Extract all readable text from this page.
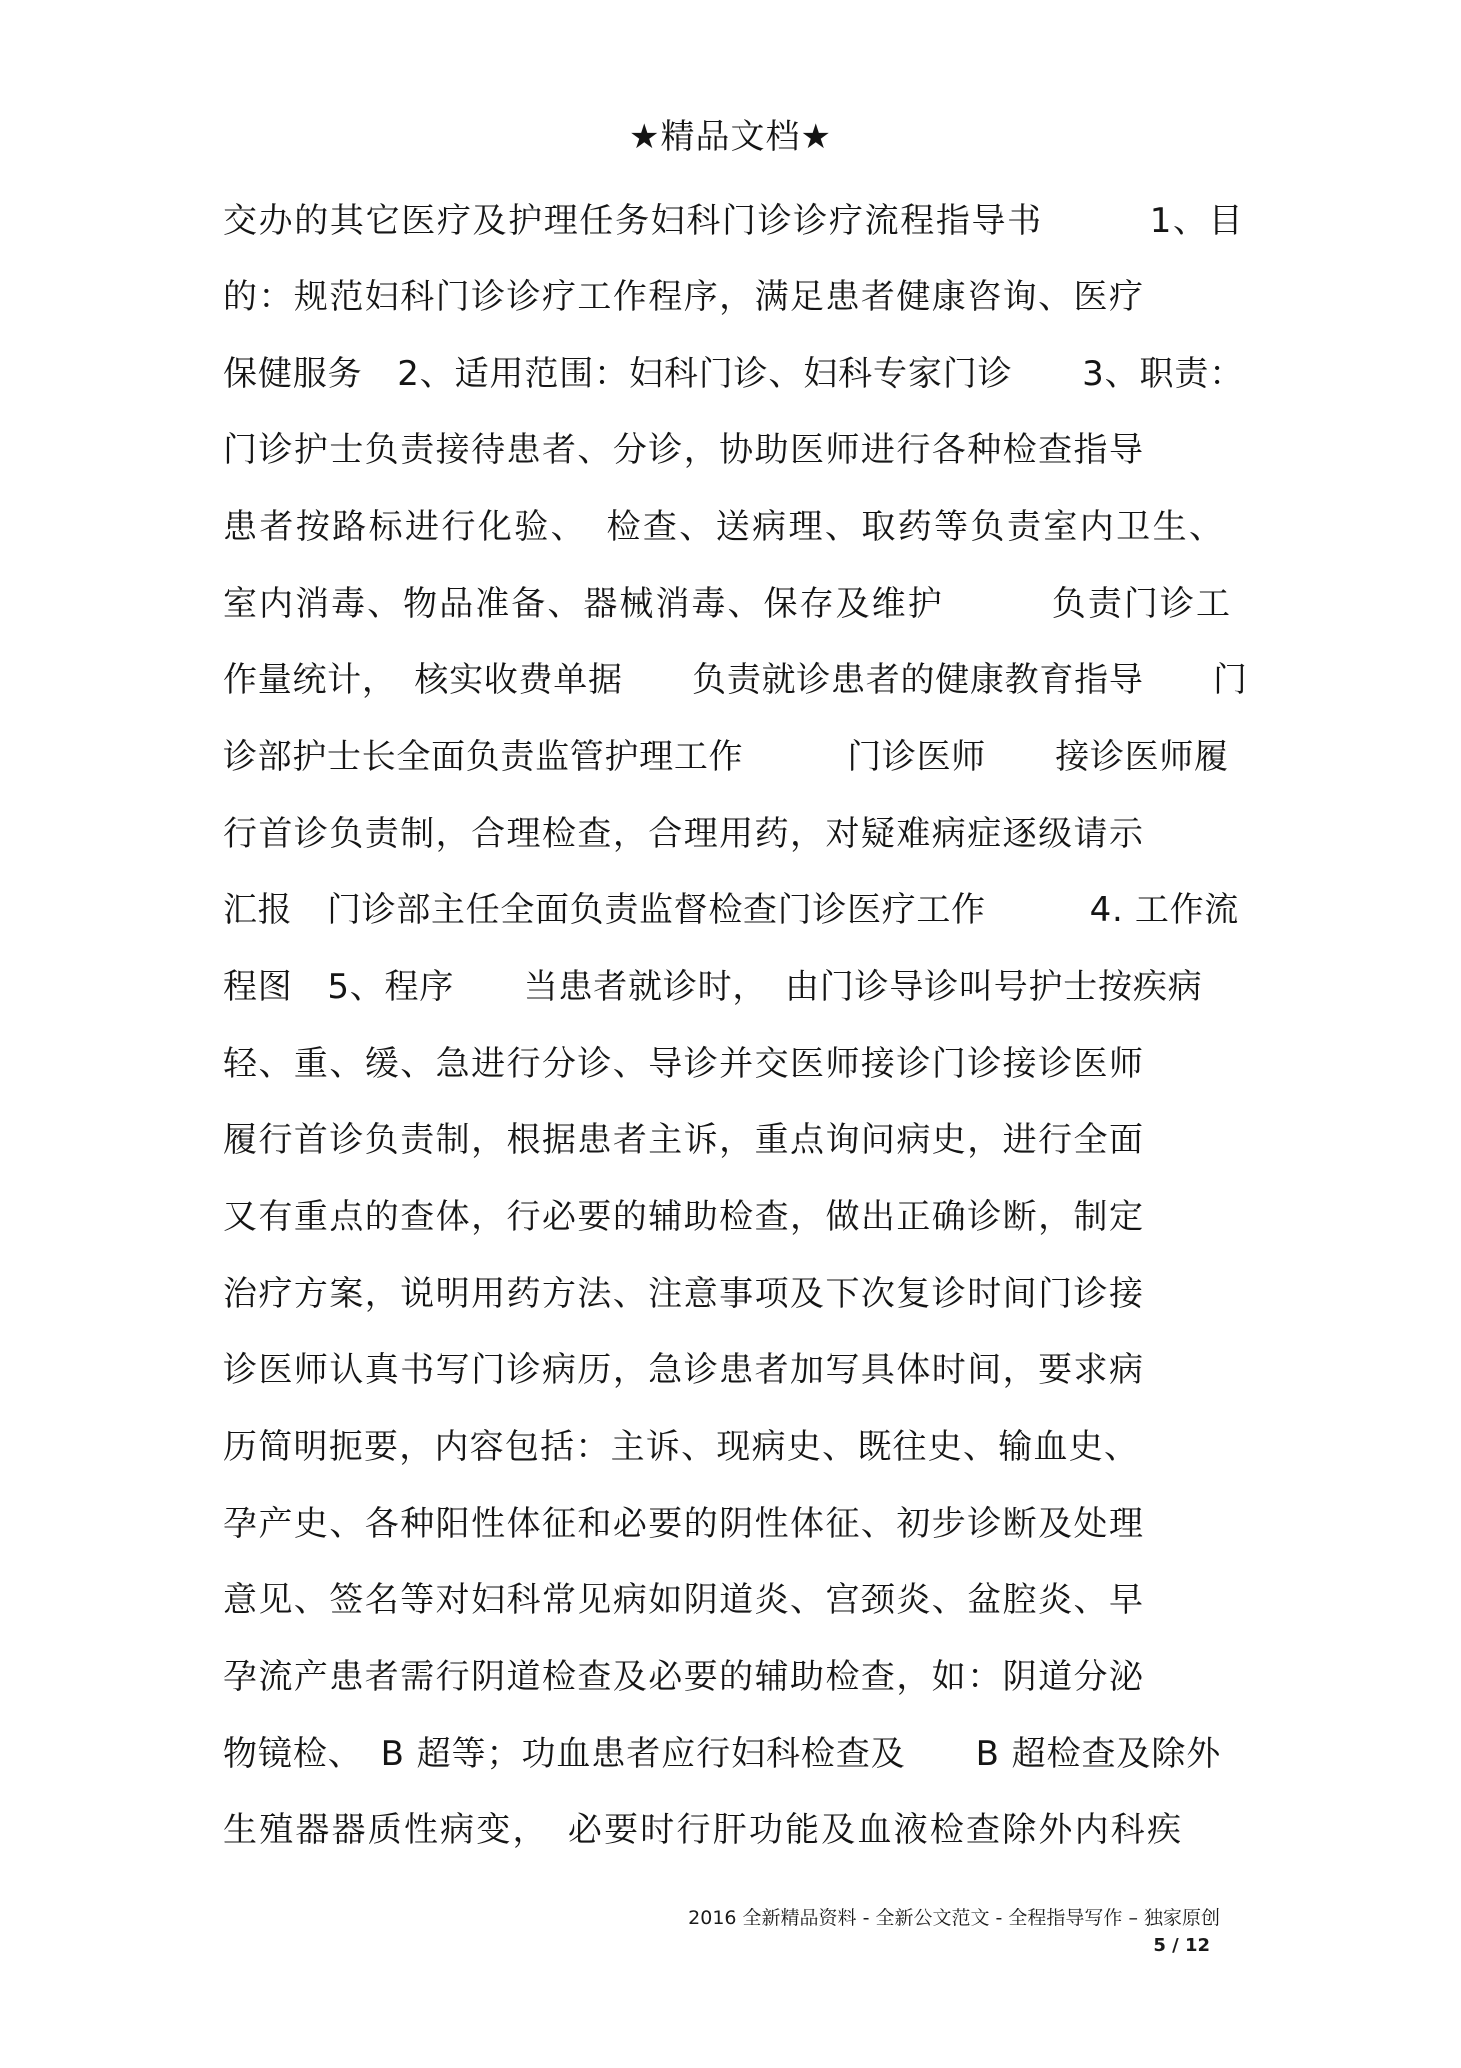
★精品文档★
交办的其它医疗及护理任务妇科门诊诊疗流程指导书　　　1、目
的：规范妇科门诊诊疗工作程序，满足患者健康咨询、医疗
保健服务　2、适用范围：妇科门诊、妇科专家门诊　　3、职责：
门诊护士负责接待患者、分诊，协助医师进行各种检查指导
患者按路标进行化验、　检查、送病理、取药等负责室内卫生、
室内消毒、物品准备、器械消毒、保存及维护　　　负责门诊工
作量统计，　核实收费单据　　负责就诊患者的健康教育指导　　门
诊部护士长全面负责监管护理工作　　　门诊医师　　接诊医师履
行首诊负责制，合理检查，合理用药，对疑难病症逐级请示
汇报　门诊部主任全面负责监督检查门诊医疗工作　　　4. 工作流
程图　5、程序　　当患者就诊时，　由门诊导诊叫号护士按疾病
轻、重、缓、急进行分诊、导诊并交医师接诊门诊接诊医师
履行首诊负责制，根据患者主诉，重点询问病史，进行全面
又有重点的查体，行必要的辅助检查，做出正确诊断，制定
治疗方案，说明用药方法、注意事项及下次复诊时间门诊接
诊医师认真书写门诊病历，急诊患者加写具体时间，要求病
历简明扼要，内容包括：主诉、现病史、既往史、输血史、
孕产史、各种阳性体征和必要的阴性体征、初步诊断及处理
意见、签名等对妇科常见病如阴道炎、宫颈炎、盆腔炎、早
孕流产患者需行阴道检查及必要的辅助检查，如：阴道分泌
物镜检、　B 超等；功血患者应行妇科检查及　　B 超检查及除外
生殖器器质性病变，　必要时行肝功能及血液检查除外内科疾
2016 全新精品资料 - 全新公文范文 - 全程指导写作 – 独家原创
5 / 12
